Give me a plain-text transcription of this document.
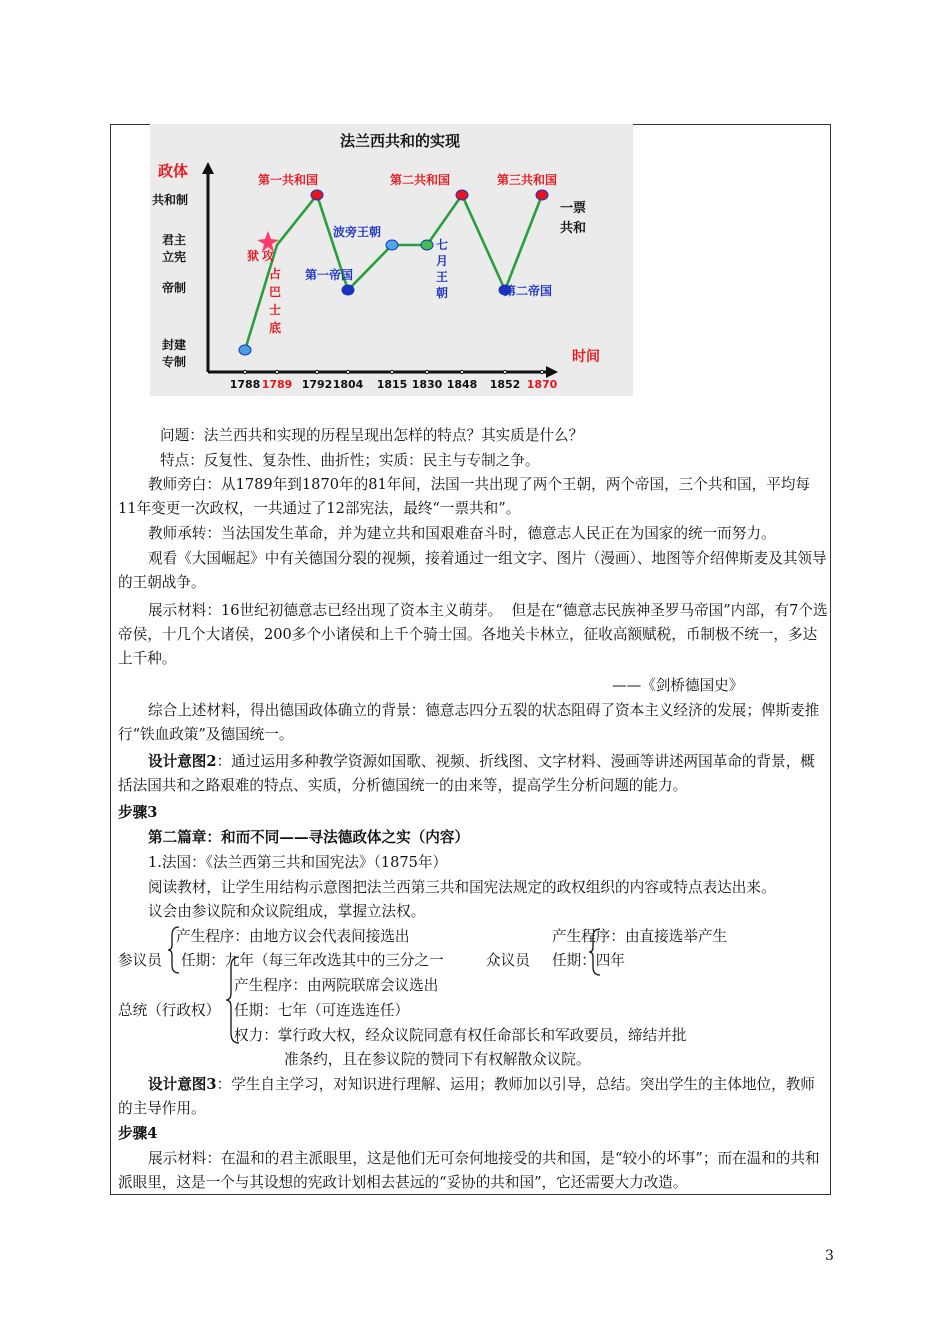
法兰西共和的实现
政体
时间
共和制
君主
立宪
帝制
封建
专制
1788 1789 1792 1804 1815 1830 1848 1852 1870
第一共和国	第二共和国	第三共和国
狱 攻
占
巴
士
底
第一帝国
波旁王朝
七
月
王
朝	第二帝国
一票
共和

问题：法兰西共和实现的历程呈现出怎样的特点？其实质是什么？

特点：反复性、复杂性、曲折性；实质：民主与专制之争。

教师旁白：从1789年到1870年的81年间，法国一共出现了两个王朝，两个帝国，三个共和国，平均每11年变更一次政权，一共通过了12部宪法，最终“一票共和”。

教师承转：当法国发生革命，并为建立共和国艰难奋斗时，德意志人民正在为国家的统一而努力。

观看《大国崛起》中有关德国分裂的视频，接着通过一组文字、图片（漫画）、地图等介绍俾斯麦及其领导的王朝战争。

展示材料：16世纪初德意志已经出现了资本主义萌芽。  但是在“德意志民族神圣罗马帝国”内部，有7个选帝侯，十几个大诸侯，200多个小诸侯和上千个骑士国。各地关卡林立，征收高额赋税，币制极不统一，多达上千种。

——《剑桥德国史》

综合上述材料，得出德国政体确立的背景：德意志四分五裂的状态阻碍了资本主义经济的发展；俾斯麦推行“铁血政策”及德国统一。

设计意图2：通过运用多种教学资源如国歌、视频、折线图、文字材料、漫画等讲述两国革命的背景，概括法国共和之路艰难的特点、实质，分析德国统一的由来等，提高学生分析问题的能力。

步骤3

第二篇章：和而不同——寻法德政体之实（内容）

1.法国：《法兰西第三共和国宪法》（1875年）

阅读教材，让学生用结构示意图把法兰西第三共和国宪法规定的政权组织的内容或特点表达出来。

议会由参议院和众议院组成，掌握立法权。

产生程序：由地方议会代表间接选出

参议员 任期：九年（每三年改选其中的三分之一

产生程序：由直接选举产生

众议员 任期：四年

产生程序：由两院联席会议选出

总统（行政权） 任期：七年（可连选连任）

权力：掌行政大权，经众议院同意有权任命部长和军政要员，缔结并批

准条约，且在参议院的赞同下有权解散众议院。

设计意图3：学生自主学习，对知识进行理解、运用；教师加以引导，总结。突出学生的主体地位，教师的主导作用。

步骤4

展示材料：在温和的君主派眼里，这是他们无可奈何地接受的共和国，是“较小的坏事”；而在温和的共和派眼里，这是一个与其设想的宪政计划相去甚远的“妥协的共和国”，它还需要大力改造。

3
